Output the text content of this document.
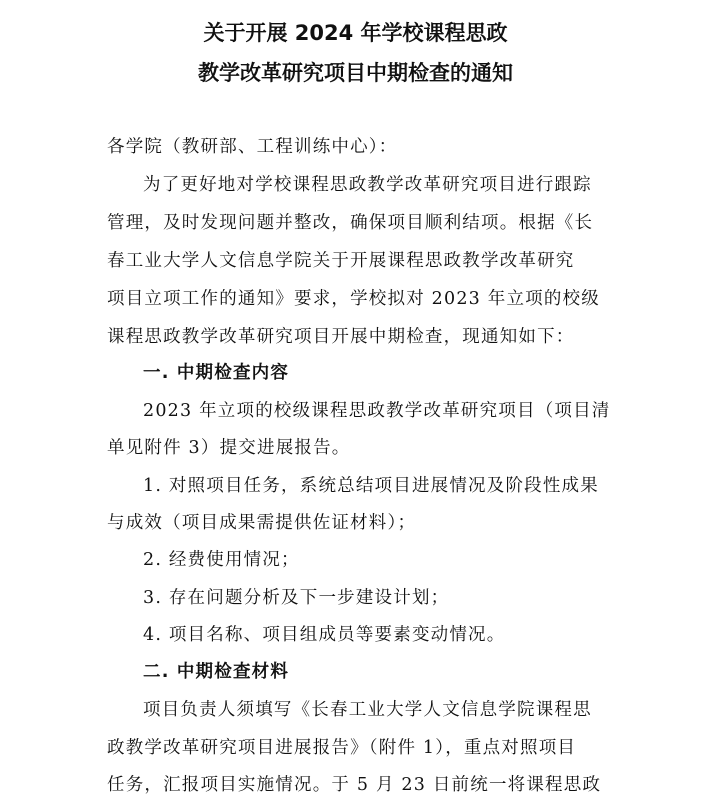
关于开展 2024 年学校课程思政
教学改革研究项目中期检查的通知
各学院（教研部、工程训练中心）：
为了更好地对学校课程思政教学改革研究项目进行跟踪
管理，及时发现问题并整改，确保项目顺利结项。根据《长
春工业大学人文信息学院关于开展课程思政教学改革研究
项目立项工作的通知》要求，学校拟对 2023 年立项的校级
课程思政教学改革研究项目开展中期检查，现通知如下：
一. 中期检查内容
2023 年立项的校级课程思政教学改革研究项目（项目清
单见附件 3）提交进展报告。
1. 对照项目任务，系统总结项目进展情况及阶段性成果
与成效（项目成果需提供佐证材料）；
2. 经费使用情况；
3. 存在问题分析及下一步建设计划；
4. 项目名称、项目组成员等要素变动情况。
二. 中期检查材料
项目负责人须填写《长春工业大学人文信息学院课程思
政教学改革研究项目进展报告》（附件 1），重点对照项目
任务，汇报项目实施情况。于 5 月 23 日前统一将课程思政
